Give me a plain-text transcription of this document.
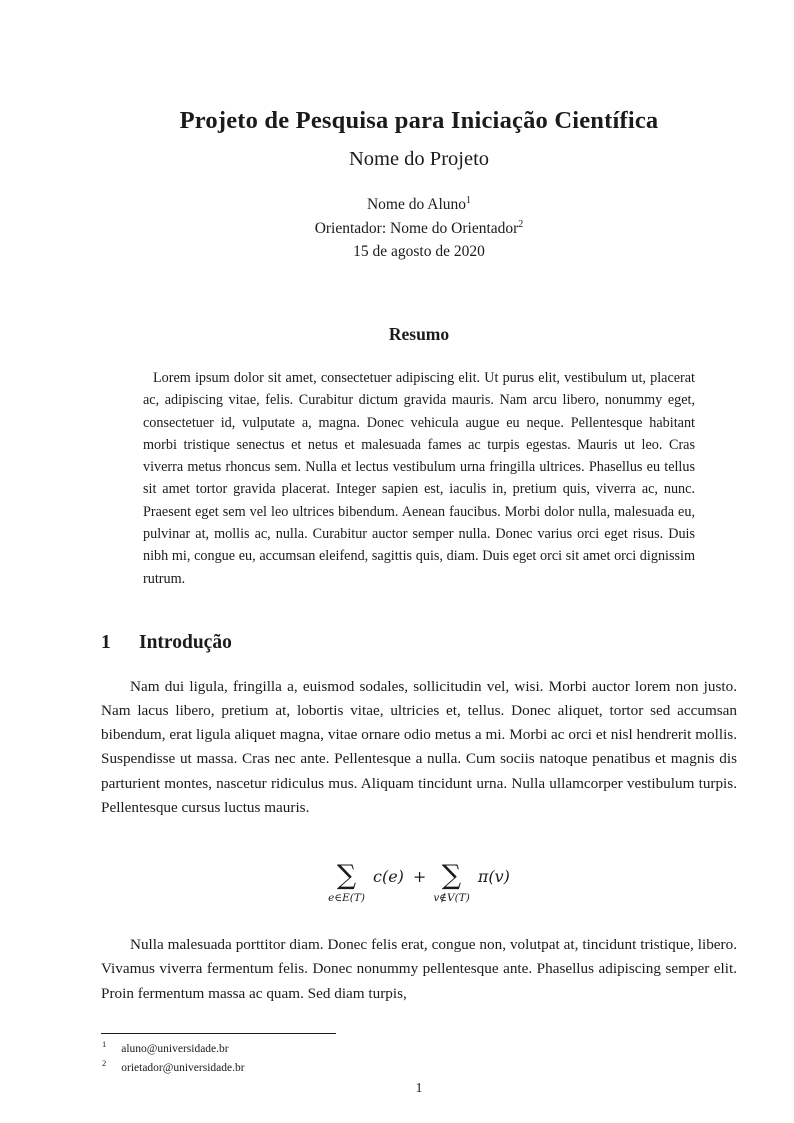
Projeto de Pesquisa para Iniciação Científica
Nome do Projeto
Nome do Aluno$^1$
Orientador: Nome do Orientador$^2$
15 de agosto de 2020
Resumo

Lorem ipsum dolor sit amet, consectetuer adipiscing elit. Ut purus elit, vestibulum ut, placerat ac, adipiscing vitae, felis. Curabitur dictum gravida mauris. Nam arcu libero, nonummy eget, consectetuer id, vulputate a, magna. Donec vehicula augue eu neque. Pellentesque habitant morbi tristique senectus et netus et malesuada fames ac turpis egestas. Mauris ut leo. Cras viverra metus rhoncus sem. Nulla et lectus vestibulum urna fringilla ultrices. Phasellus eu tellus sit amet tortor gravida placerat. Integer sapien est, iaculis in, pretium quis, viverra ac, nunc. Praesent eget sem vel leo ultrices bibendum. Aenean faucibus. Morbi dolor nulla, malesuada eu, pulvinar at, mollis ac, nulla. Curabitur auctor semper nulla. Donec varius orci eget risus. Duis nibh mi, congue eu, accumsan eleifend, sagittis quis, diam. Duis eget orci sit amet orci dignissim rutrum.

1 Introdução

Nam dui ligula, fringilla a, euismod sodales, sollicitudin vel, wisi. Morbi auctor lorem non justo. Nam lacus libero, pretium at, lobortis vitae, ultricies et, tellus. Donec aliquet, tortor sed accumsan bibendum, erat ligula aliquet magna, vitae ornare odio metus a mi. Morbi ac orci et nisl hendrerit mollis. Suspendisse ut massa. Cras nec ante. Pellentesque a nulla. Cum sociis natoque penatibus et magnis dis parturient montes, nascetur ridiculus mus. Aliquam tincidunt urna. Nulla ullamcorper vestibulum turpis. Pellentesque cursus luctus mauris.

∑
e∈E(T)
c(e) + ∑
v∉V(T)
π(v)

Nulla malesuada porttitor diam. Donec felis erat, congue non, volutpat at, tincidunt tristique, libero. Vivamus viverra fermentum felis. Donec nonummy pellentesque ante. Phasellus adipiscing semper elit. Proin fermentum massa ac quam. Sed diam turpis,

$^1$ aluno@universidade.br
$^2$ orietador@universidade.br
1
